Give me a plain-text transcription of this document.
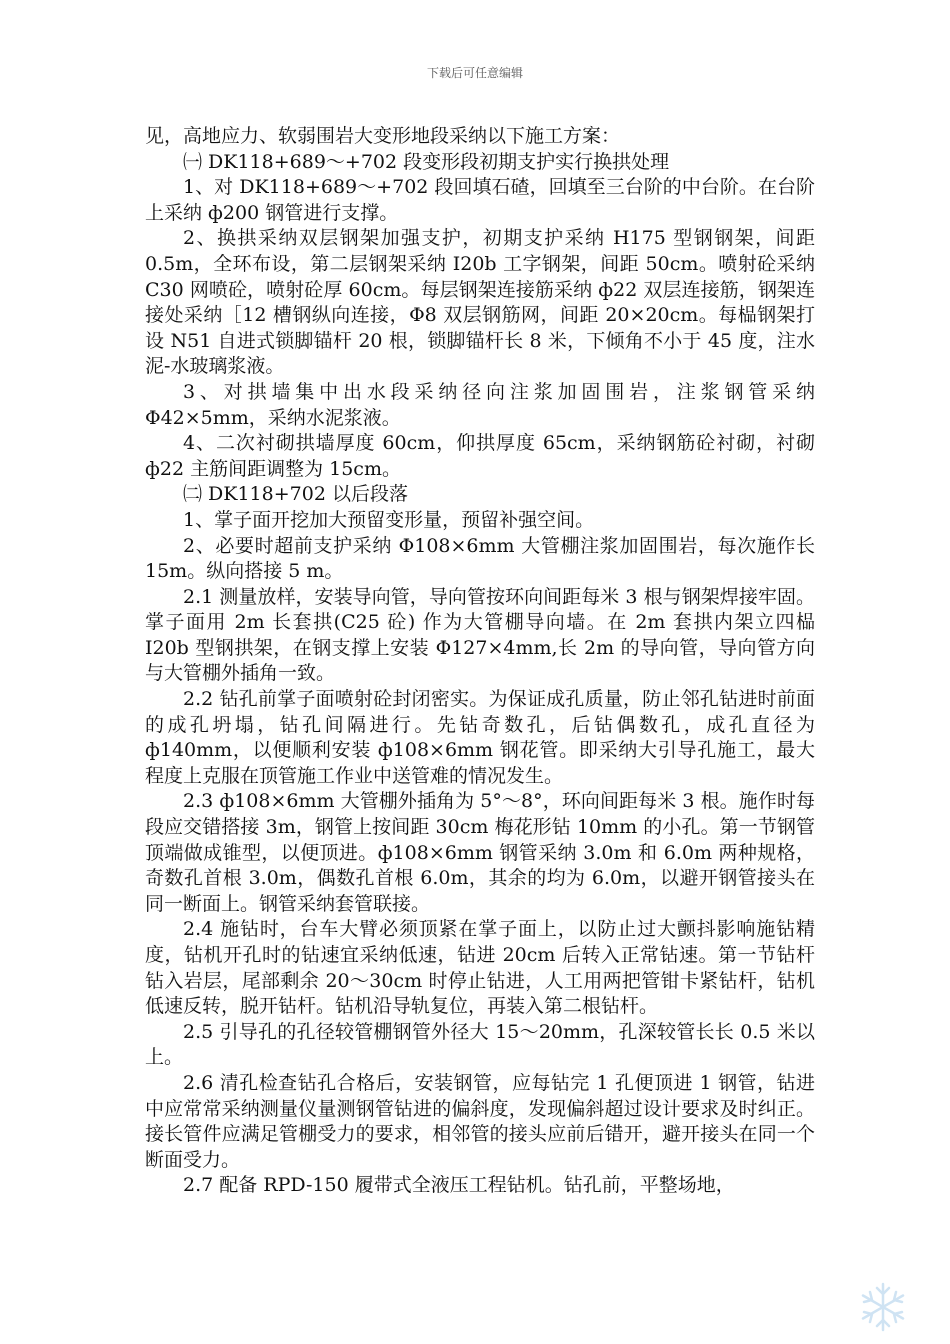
下载后可任意编辑

见，高地应力、软弱围岩大变形地段采纳以下施工方案：

㈠ DK118+689～+702 段变形段初期支护实行换拱处理

1、对 DK118+689～+702 段回填石碴，回填至三台阶的中台阶。在台阶上采纳 ф200 钢管进行支撑。

2、换拱采纳双层钢架加强支护，初期支护采纳 H175 型钢钢架，间距 0.5m，全环布设，第二层钢架采纳 I20b 工字钢架，间距 50cm。喷射砼采纳 C30 网喷砼，喷射砼厚 60cm。每层钢架连接筋采纳 ф22 双层连接筋，钢架连接处采纳［12 槽钢纵向连接，Φ8 双层钢筋网，间距 20×20cm。每榀钢架打设 N51 自进式锁脚锚杆 20 根，锁脚锚杆长 8 米，下倾角不小于 45 度，注水泥-水玻璃浆液。

3、对拱墙集中出水段采纳径向注浆加固围岩，注浆钢管采纳 Φ42×5mm，采纳水泥浆液。

4、二次衬砌拱墙厚度 60cm，仰拱厚度 65cm，采纳钢筋砼衬砌，衬砌 ф22 主筋间距调整为 15cm。

㈡ DK118+702 以后段落

1、掌子面开挖加大预留变形量，预留补强空间。

2、必要时超前支护采纳 Φ108×6mm 大管棚注浆加固围岩，每次施作长 15m。纵向搭接 5 m。

2.1 测量放样，安装导向管，导向管按环向间距每米 3 根与钢架焊接牢固。掌子面用 2m 长套拱(C25 砼) 作为大管棚导向墙。在 2m 套拱内架立四榀 I20b 型钢拱架，在钢支撑上安装 Φ127×4mm,长 2m 的导向管，导向管方向与大管棚外插角一致。

2.2 钻孔前掌子面喷射砼封闭密实。为保证成孔质量，防止邻孔钻进时前面的成孔坍塌，钻孔间隔进行。先钻奇数孔，后钻偶数孔，成孔直径为 ф140mm，以便顺利安装 ф108×6mm 钢花管。即采纳大引导孔施工，最大程度上克服在顶管施工作业中送管难的情况发生。

2.3 ф108×6mm 大管棚外插角为 5°～8°，环向间距每米 3 根。施作时每段应交错搭接 3m，钢管上按间距 30cm 梅花形钻 10mm 的小孔。第一节钢管顶端做成锥型，以便顶进。ф108×6mm 钢管采纳 3.0m 和 6.0m 两种规格，奇数孔首根 3.0m，偶数孔首根 6.0m，其余的均为 6.0m，以避开钢管接头在同一断面上。钢管采纳套管联接。

2.4 施钻时，台车大臂必须顶紧在掌子面上，以防止过大颤抖影响施钻精度，钻机开孔时的钻速宜采纳低速，钻进 20cm 后转入正常钻速。第一节钻杆钻入岩层，尾部剩余 20～30cm 时停止钻进，人工用两把管钳卡紧钻杆，钻机低速反转，脱开钻杆。钻机沿导轨复位，再装入第二根钻杆。

2.5 引导孔的孔径较管棚钢管外径大 15～20mm，孔深较管长长 0.5 米以上。

2.6 清孔检查钻孔合格后，安装钢管，应每钻完 1 孔便顶进 1 钢管，钻进中应常常采纳测量仪量测钢管钻进的偏斜度，发现偏斜超过设计要求及时纠正。接长管件应满足管棚受力的要求，相邻管的接头应前后错开，避开接头在同一个断面受力。

2.7 配备 RPD-150 履带式全液压工程钻机。钻孔前，平整场地，
